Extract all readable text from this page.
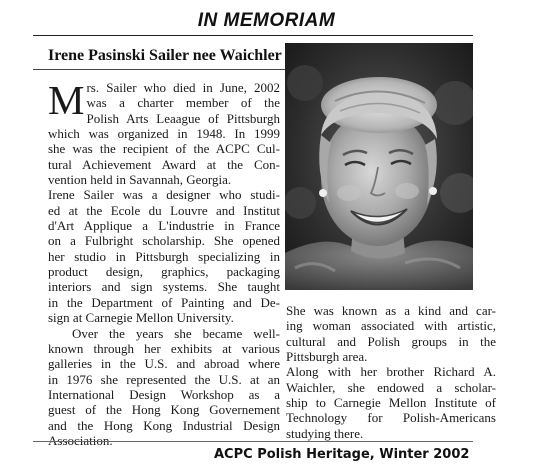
IN MEMORIAM
Irene Pasinski Sailer nee Waichler
M rs. Sailer who died in June, 2002
was a charter member of the
Polish Arts Leaague of Pittsburgh
which was organized in 1948. In 1999
she was the recipient of the ACPC Cul-
tural Achievement Award at the Con-
vention held in Savannah, Georgia.
Irene Sailer was a designer who studi-
ed at the Ecole du Louvre and Institut
d'Art Applique a L'industrie in France
on a Fulbright scholarship. She opened
her studio in Pittsburgh specializing in
product design, graphics, packaging
interiors and sign systems. She taught
in the Department of Painting and De-
sign at Carnegie Mellon University.
Over the years she became well-
known through her exhibits at various
galleries in the U.S. and abroad where
in 1976 she represented the U.S. at an
International Design Workshop as a
guest of the Hong Kong Governement
and the Hong Kong Industrial Design
Association.
She was known as a kind and car-
ing woman associated with artistic,
cultural and Polish groups in the
Pittsburgh area.
Along with her brother Richard A.
Waichler, she endowed a scholar-
ship to Carnegie Mellon Institute of
Technology for Polish-Americans
studying there.
ACPC Polish Heritage, Winter 2002
